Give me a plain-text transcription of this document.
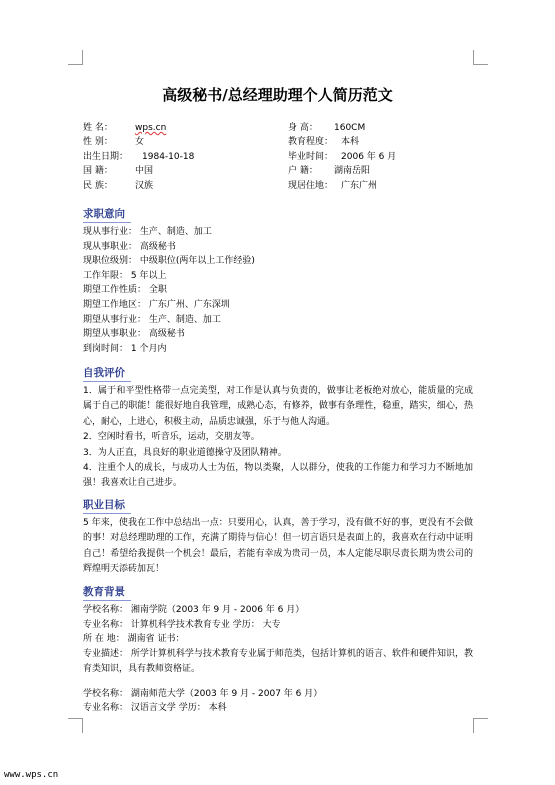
高级秘书/总经理助理个人简历范文
姓 名： wps.cn	身 高： 160CM
性 别： 女	教育程度： 本科
出生日期： 1984-10-18	毕业时间： 2006 年 6 月
国 籍： 中国	户 籍： 湖南岳阳
民 族： 汉族	现居住地： 广东广州
求职意向
现从事行业： 生产、制造、加工
现从事职业： 高级秘书
现职位级别： 中级职位(两年以上工作经验)
工作年限： 5 年以上
期望工作性质： 全职
期望工作地区： 广东广州、广东深圳
期望从事行业： 生产、制造、加工
期望从事职业： 高级秘书
到岗时间： 1 个月内
自我评价
1．属于和平型性格带一点完美型，对工作是认真与负责的，做事让老板绝对放心，能质量的完成属于自己的职能！能很好地自我管理，成熟心态，有修养，做事有条理性，稳重，踏实，细心，热心，耐心，上进心，积极主动，品质忠诚强，乐于与他人沟通。
2．空闲时看书，听音乐，运动，交朋友等。
3．为人正直，具良好的职业道德操守及团队精神。
4．注重个人的成长，与成功人士为伍，物以类聚，人以群分，使我的工作能力和学习力不断地加强！我喜欢让自己进步。
职业目标
5 年来，使我在工作中总结出一点：只要用心，认真，善于学习，没有做不好的事，更没有不会做的事！对总经理助理的工作，充满了期待与信心！但一切言语只是表面上的，我喜欢在行动中证明自己！希望给我提供一个机会！最后，若能有幸成为贵司一员，本人定能尽职尽责长期为贵公司的辉煌明天添砖加瓦！
教育背景
学校名称： 湘南学院（2003 年 9 月 - 2006 年 6 月）
专业名称： 计算机科学技术教育专业 学历： 大专
所 在 地： 湖南省 证书：
专业描述： 所学计算机科学与技术教育专业属于师范类，包括计算机的语言、软件和硬件知识，教育类知识，具有教师资格证。
学校名称： 湖南师范大学（2003 年 9 月 - 2007 年 6 月）
专业名称： 汉语言文学 学历： 本科
www.wps.cn
